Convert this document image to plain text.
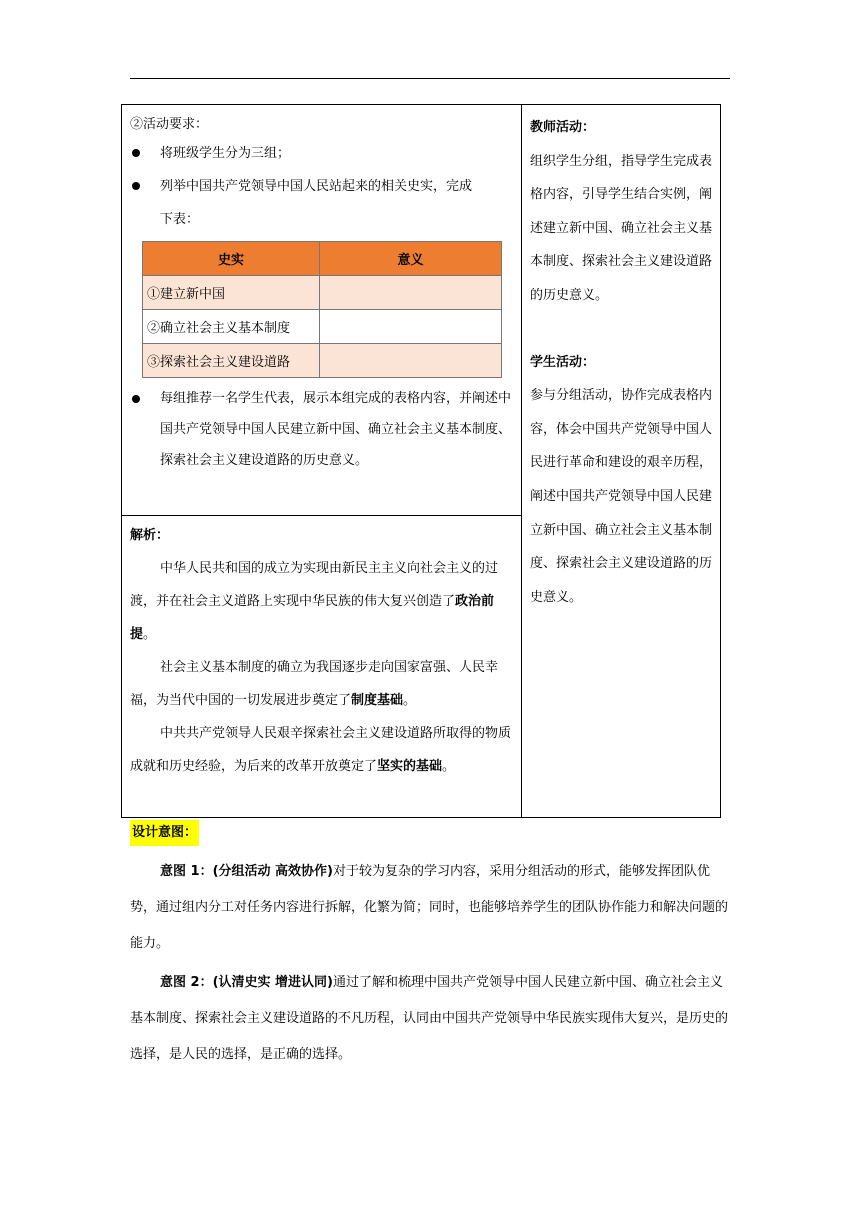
②活动要求：
将班级学生分为三组；
列举中国共产党领导中国人民站起来的相关史实，完成
下表：
史实	意义
①建立新中国	
②确立社会主义基本制度	
③探索社会主义建设道路	
每组推荐一名学生代表，展示本组完成的表格内容，并阐述中国共产党领导中国人民建立新中国、确立社会主义基本制度、探索社会主义建设道路的历史意义。
解析：

中华人民共和国的成立为实现由新民主主义向社会主义的过渡，并在社会主义道路上实现中华民族的伟大复兴创造了政治前提。

社会主义基本制度的确立为我国逐步走向国家富强、人民幸福，为当代中国的一切发展进步奠定了制度基础。

中共共产党领导人民艰辛探索社会主义建设道路所取得的物质成就和历史经验，为后来的改革开放奠定了坚实的基础。

教师活动：
组织学生分组，指导学生完成表格内容，引导学生结合实例，阐述建立新中国、确立社会主义基本制度、探索社会主义建设道路的历史意义。
学生活动：
参与分组活动，协作完成表格内容，体会中国共产党领导中国人民进行革命和建设的艰辛历程，阐述中国共产党领导中国人民建立新中国、确立社会主义基本制度、探索社会主义建设道路的历史意义。
设计意图：

意图 1：(分组活动 高效协作)对于较为复杂的学习内容，采用分组活动的形式，能够发挥团队优势，通过组内分工对任务内容进行拆解，化繁为简；同时，也能够培养学生的团队协作能力和解决问题的能力。

意图 2：(认清史实 增进认同)通过了解和梳理中国共产党领导中国人民建立新中国、确立社会主义基本制度、探索社会主义建设道路的不凡历程，认同由中国共产党领导中华民族实现伟大复兴，是历史的选择，是人民的选择，是正确的选择。
